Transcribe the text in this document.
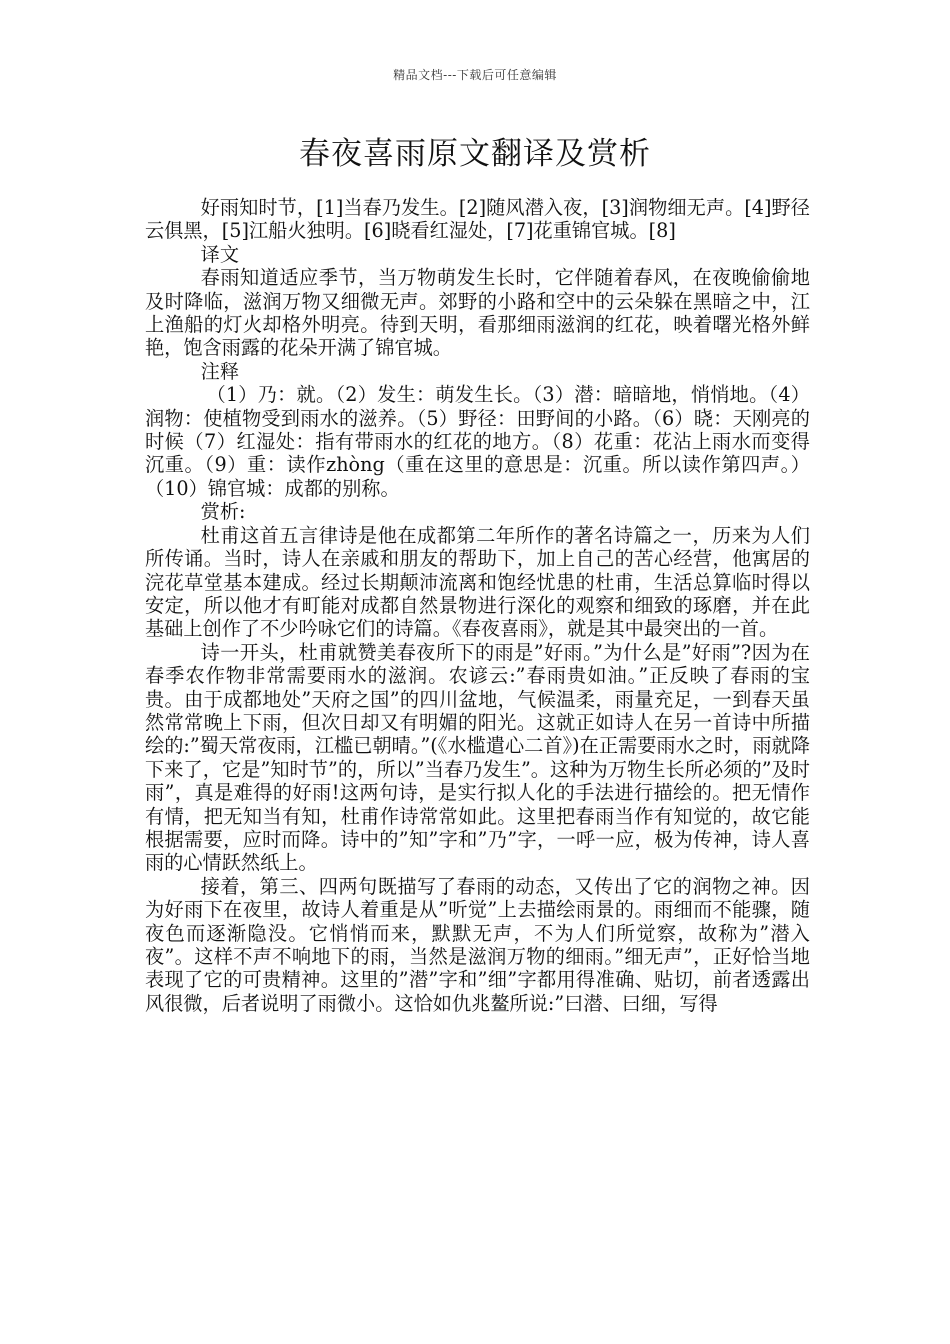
精品文档---下载后可任意编辑
春夜喜雨原文翻译及赏析

好雨知时节，[1]当春乃发生。[2]随风潜入夜，[3]润物细无声。[4]野径云俱黑，[5]江船火独明。[6]晓看红湿处，[7]花重锦官城。[8]

译文

春雨知道适应季节，当万物萌发生长时，它伴随着春风，在夜晚偷偷地及时降临，滋润万物又细微无声。郊野的小路和空中的云朵躲在黑暗之中，江上渔船的灯火却格外明亮。待到天明，看那细雨滋润的红花，映着曙光格外鲜艳，饱含雨露的花朵开满了锦官城。

注释

（1）乃：就。（2）发生：萌发生长。（3）潜：暗暗地，悄悄地。（4）润物：使植物受到雨水的滋养。（5）野径：田野间的小路。（6）晓：天刚亮的时候（7）红湿处：指有带雨水的红花的地方。（8）花重：花沾上雨水而变得沉重。（9）重：读作zhòng（重在这里的意思是：沉重。所以读作第四声。）（10）锦官城：成都的别称。

赏析:

杜甫这首五言律诗是他在成都第二年所作的著名诗篇之一，历来为人们所传诵。当时，诗人在亲戚和朋友的帮助下，加上自己的苦心经营，他寓居的浣花草堂基本建成。经过长期颠沛流离和饱经忧患的杜甫，生活总算临时得以安定，所以他才有町能对成都自然景物进行深化的观察和细致的琢磨，并在此基础上创作了不少吟咏它们的诗篇。《春夜喜雨》，就是其中最突出的一首。

诗一开头，杜甫就赞美春夜所下的雨是”好雨。”为什么是”好雨”?因为在春季农作物非常需要雨水的滋润。农谚云:”春雨贵如油。”正反映了春雨的宝贵。由于成都地处”天府之国”的四川盆地，气候温柔，雨量充足，一到春天虽然常常晚上下雨，但次日却又有明媚的阳光。这就正如诗人在另一首诗中所描绘的:”蜀天常夜雨，江槛已朝晴。”(《水槛遣心二首》)在正需要雨水之时，雨就降下来了，它是”知时节”的，所以”当春乃发生”。这种为万物生长所必须的”及时雨”，真是难得的好雨!这两句诗，是实行拟人化的手法进行描绘的。把无情作有情，把无知当有知，杜甫作诗常常如此。这里把春雨当作有知觉的，故它能根据需要，应时而降。诗中的”知”字和”乃”字，一呼一应，极为传神，诗人喜雨的心情跃然纸上。

接着，第三、四两句既描写了春雨的动态，又传出了它的润物之神。因为好雨下在夜里，故诗人着重是从”听觉”上去描绘雨景的。雨细而不能骤，随夜色而逐渐隐没。它悄悄而来，默默无声，不为人们所觉察，故称为”潜入夜”。这样不声不响地下的雨，当然是滋润万物的细雨。”细无声”，正好恰当地表现了它的可贵精神。这里的”潜”字和”细”字都用得准确、贴切，前者透露出风很微，后者说明了雨微小。这恰如仇兆鳌所说:”曰潜、曰细，写得
